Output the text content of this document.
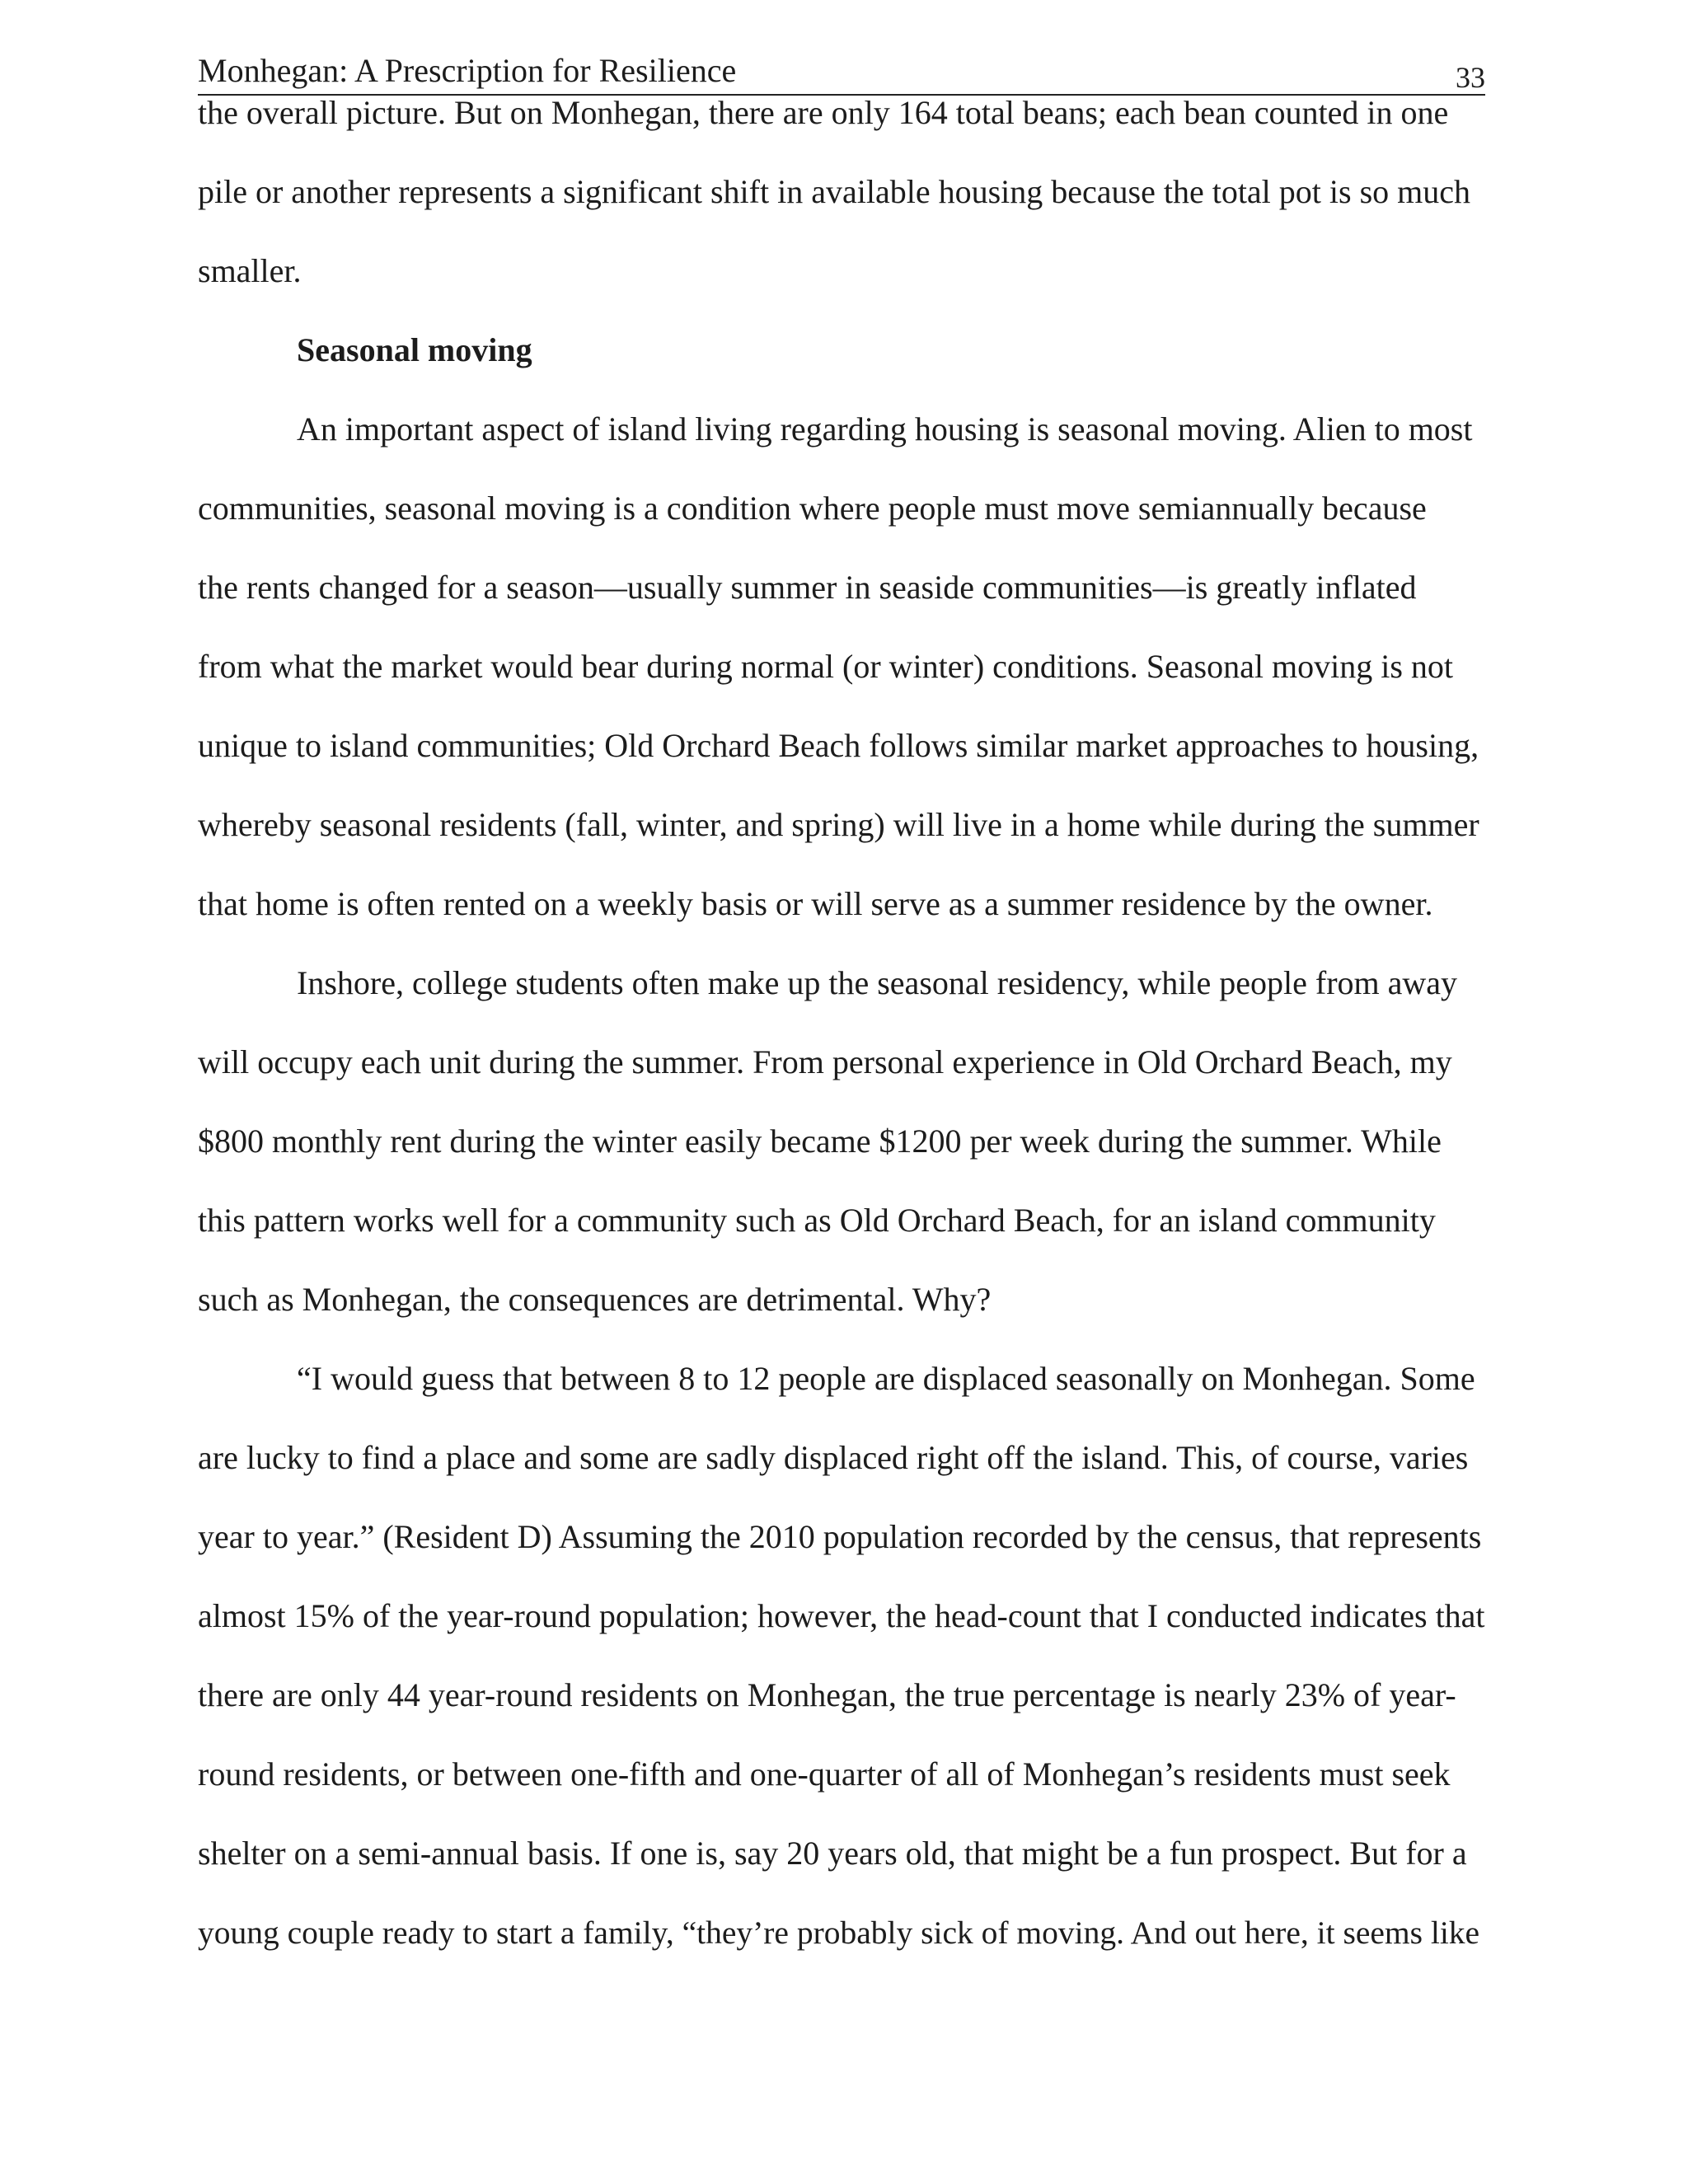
Monhegan: A Prescription for Resilience	33
the overall picture. But on Monhegan, there are only 164 total beans; each bean counted in one
pile or another represents a significant shift in available housing because the total pot is so much
smaller.
Seasonal moving
An important aspect of island living regarding housing is seasonal moving. Alien to most
communities, seasonal moving is a condition where people must move semiannually because
the rents changed for a season—usually summer in seaside communities—is greatly inflated
from what the market would bear during normal (or winter) conditions. Seasonal moving is not
unique to island communities; Old Orchard Beach follows similar market approaches to housing,
whereby seasonal residents (fall, winter, and spring) will live in a home while during the summer
that home is often rented on a weekly basis or will serve as a summer residence by the owner.
Inshore, college students often make up the seasonal residency, while people from away
will occupy each unit during the summer. From personal experience in Old Orchard Beach, my
$800 monthly rent during the winter easily became $1200 per week during the summer. While
this pattern works well for a community such as Old Orchard Beach, for an island community
such as Monhegan, the consequences are detrimental. Why?
“I would guess that between 8 to 12 people are displaced seasonally on Monhegan. Some
are lucky to find a place and some are sadly displaced right off the island. This, of course, varies
year to year.” (Resident D) Assuming the 2010 population recorded by the census, that represents
almost 15% of the year-round population; however, the head-count that I conducted indicates that
there are only 44 year-round residents on Monhegan, the true percentage is nearly 23% of year-
round residents, or between one-fifth and one-quarter of all of Monhegan’s residents must seek
shelter on a semi-annual basis. If one is, say 20 years old, that might be a fun prospect. But for a
young couple ready to start a family, “they’re probably sick of moving. And out here, it seems like
